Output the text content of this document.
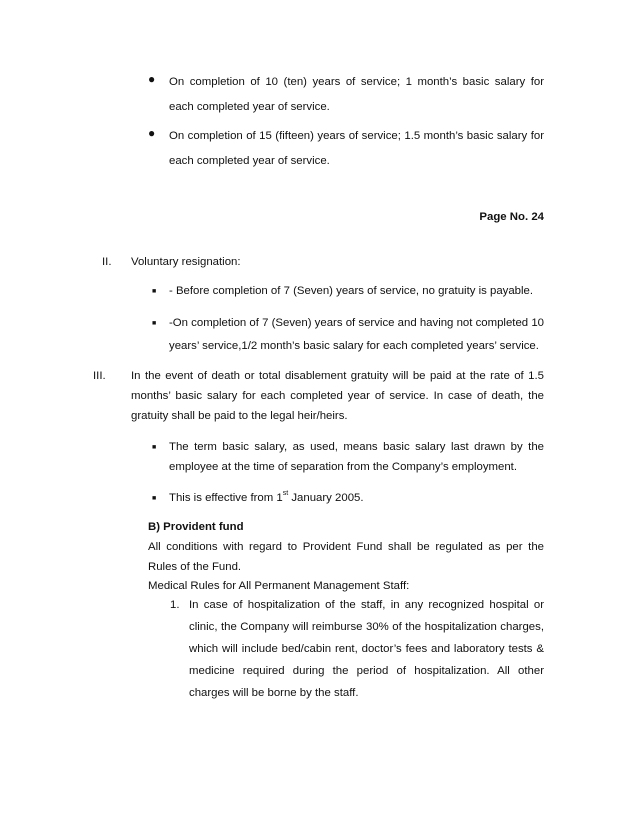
● On completion of 10 (ten) years of service; 1 month’s basic salary for
each completed year of service.
● On completion of 15 (fifteen) years of service; 1.5 month’s basic salary for
each completed year of service.
Page No. 24
II. Voluntary resignation:
■ - Before completion of 7 (Seven) years of service, no gratuity is payable.
■ -On completion of 7 (Seven) years of service and having not completed 10
years’ service,1/2 month’s basic salary for each completed years’ service.
III. In the event of death or total disablement gratuity will be paid at the rate of 1.5
months’ basic salary for each completed year of service. In case of death, the
gratuity shall be paid to the legal heir/heirs.
■ The term basic salary, as used, means basic salary last drawn by the
employee at the time of separation from the Company’s employment.
■ This is effective from 1st January 2005.
B) Provident fund
All conditions with regard to Provident Fund shall be regulated as per the
Rules of the Fund.
Medical Rules for All Permanent Management Staff:
1. In case of hospitalization of the staff, in any recognized hospital or
clinic, the Company will reimburse 30% of the hospitalization charges,
which will include bed/cabin rent, doctor’s fees and laboratory tests &
medicine required during the period of hospitalization. All other
charges will be borne by the staff.
